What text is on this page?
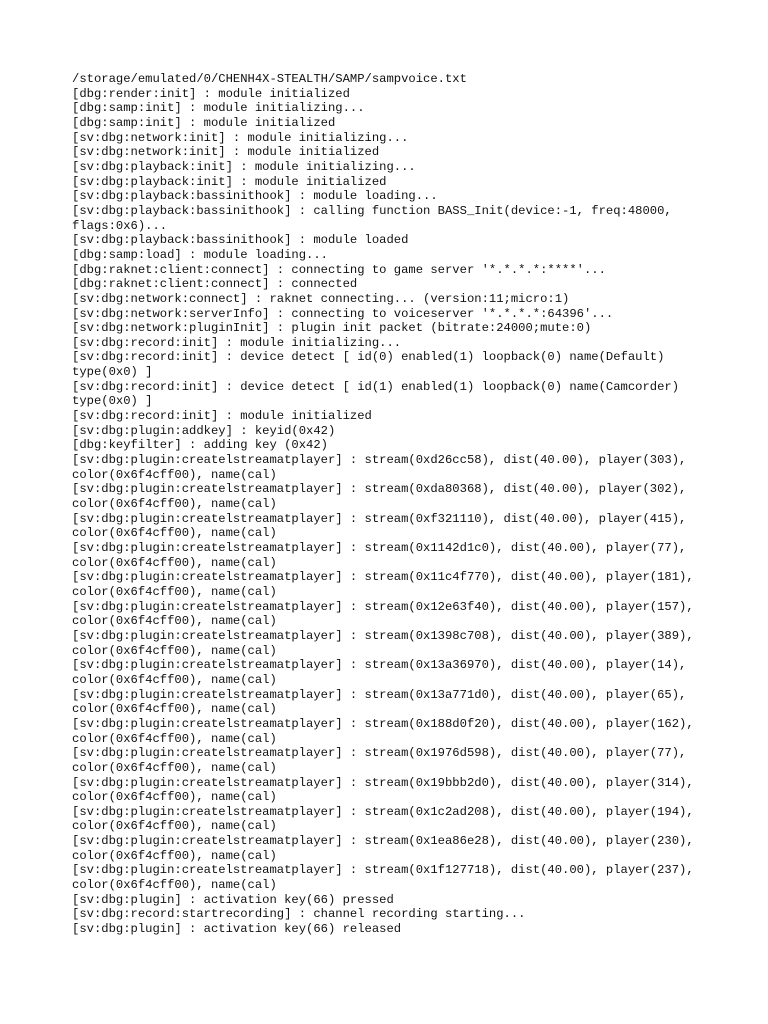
/storage/emulated/0/CHENH4X-STEALTH/SAMP/sampvoice.txt
[dbg:render:init] : module initialized
[dbg:samp:init] : module initializing...
[dbg:samp:init] : module initialized
[sv:dbg:network:init] : module initializing...
[sv:dbg:network:init] : module initialized
[sv:dbg:playback:init] : module initializing...
[sv:dbg:playback:init] : module initialized
[sv:dbg:playback:bassinithook] : module loading...
[sv:dbg:playback:bassinithook] : calling function BASS_Init(device:-1, freq:48000, flags:0x6)...
[sv:dbg:playback:bassinithook] : module loaded
[dbg:samp:load] : module loading...
[dbg:raknet:client:connect] : connecting to game server '*.*.*.*:****'...
[dbg:raknet:client:connect] : connected
[sv:dbg:network:connect] : raknet connecting... (version:11;micro:1)
[sv:dbg:network:serverInfo] : connecting to voiceserver '*.*.*.*:64396'...
[sv:dbg:network:pluginInit] : plugin init packet (bitrate:24000;mute:0)
[sv:dbg:record:init] : module initializing...
[sv:dbg:record:init] : device detect [ id(0) enabled(1) loopback(0) name(Default) type(0x0) ]
[sv:dbg:record:init] : device detect [ id(1) enabled(1) loopback(0) name(Camcorder) type(0x0) ]
[sv:dbg:record:init] : module initialized
[sv:dbg:plugin:addkey] : keyid(0x42)
[dbg:keyfilter] : adding key (0x42)
[sv:dbg:plugin:createlstreamatplayer] : stream(0xd26cc58), dist(40.00), player(303), color(0x6f4cff00), name(cal)
[sv:dbg:plugin:createlstreamatplayer] : stream(0xda80368), dist(40.00), player(302), color(0x6f4cff00), name(cal)
[sv:dbg:plugin:createlstreamatplayer] : stream(0xf321110), dist(40.00), player(415), color(0x6f4cff00), name(cal)
[sv:dbg:plugin:createlstreamatplayer] : stream(0x1142d1c0), dist(40.00), player(77), color(0x6f4cff00), name(cal)
[sv:dbg:plugin:createlstreamatplayer] : stream(0x11c4f770), dist(40.00), player(181), color(0x6f4cff00), name(cal)
[sv:dbg:plugin:createlstreamatplayer] : stream(0x12e63f40), dist(40.00), player(157), color(0x6f4cff00), name(cal)
[sv:dbg:plugin:createlstreamatplayer] : stream(0x1398c708), dist(40.00), player(389), color(0x6f4cff00), name(cal)
[sv:dbg:plugin:createlstreamatplayer] : stream(0x13a36970), dist(40.00), player(14), color(0x6f4cff00), name(cal)
[sv:dbg:plugin:createlstreamatplayer] : stream(0x13a771d0), dist(40.00), player(65), color(0x6f4cff00), name(cal)
[sv:dbg:plugin:createlstreamatplayer] : stream(0x188d0f20), dist(40.00), player(162), color(0x6f4cff00), name(cal)
[sv:dbg:plugin:createlstreamatplayer] : stream(0x1976d598), dist(40.00), player(77), color(0x6f4cff00), name(cal)
[sv:dbg:plugin:createlstreamatplayer] : stream(0x19bbb2d0), dist(40.00), player(314), color(0x6f4cff00), name(cal)
[sv:dbg:plugin:createlstreamatplayer] : stream(0x1c2ad208), dist(40.00), player(194), color(0x6f4cff00), name(cal)
[sv:dbg:plugin:createlstreamatplayer] : stream(0x1ea86e28), dist(40.00), player(230), color(0x6f4cff00), name(cal)
[sv:dbg:plugin:createlstreamatplayer] : stream(0x1f127718), dist(40.00), player(237), color(0x6f4cff00), name(cal)
[sv:dbg:plugin] : activation key(66) pressed
[sv:dbg:record:startrecording] : channel recording starting...
[sv:dbg:plugin] : activation key(66) released
